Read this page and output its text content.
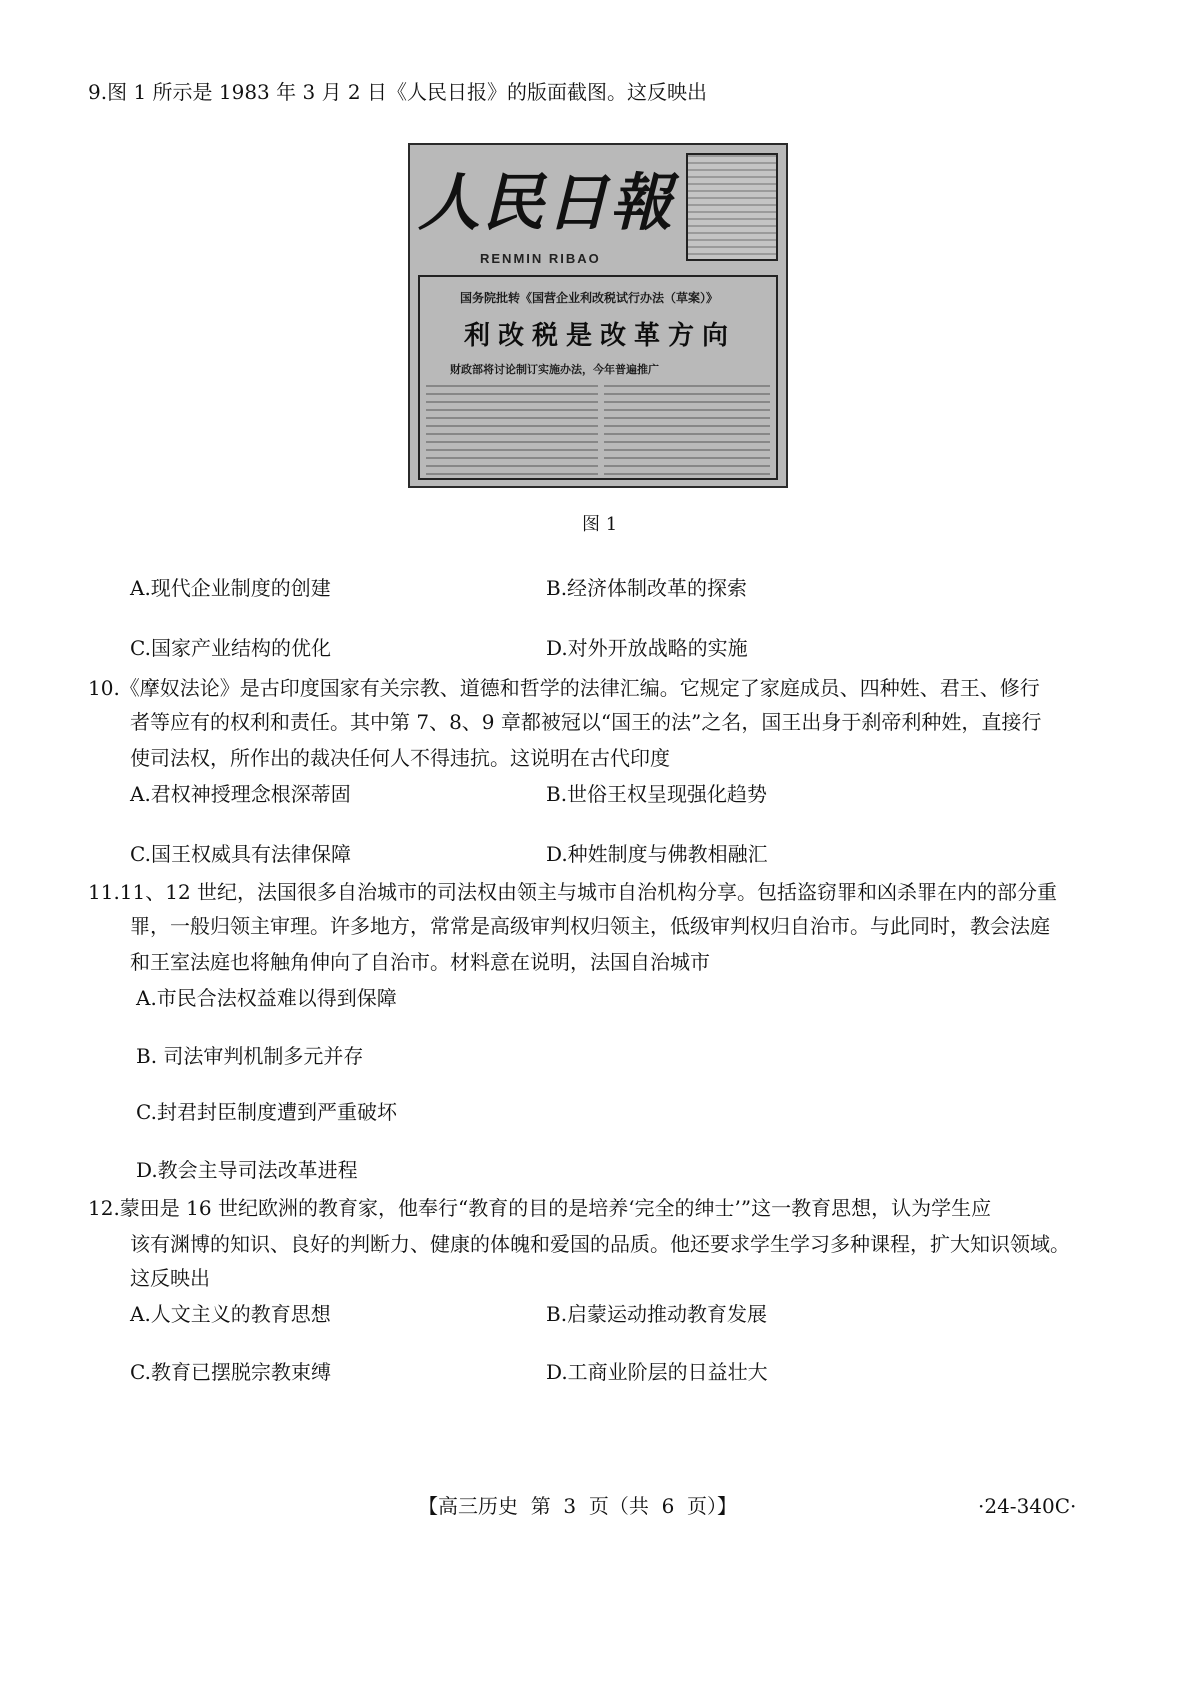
9.图 1 所示是 1983 年 3 月 2 日《人民日报》的版面截图。这反映出
人民日報
RENMIN RIBAO
国务院批转《国营企业利改税试行办法（草案）》
利改税是改革方向
财政部将讨论制订实施办法，今年普遍推广
图 1
A.现代企业制度的创建	B.经济体制改革的探索
C.国家产业结构的优化	D.对外开放战略的实施
10.《摩奴法论》是古印度国家有关宗教、道德和哲学的法律汇编。它规定了家庭成员、四种姓、君王、修行
者等应有的权利和责任。其中第 7、8、9 章都被冠以“国王的法”之名，国王出身于刹帝利种姓，直接行
使司法权，所作出的裁决任何人不得违抗。这说明在古代印度
A.君权神授理念根深蒂固	B.世俗王权呈现强化趋势
C.国王权威具有法律保障	D.种姓制度与佛教相融汇
11.11、12 世纪，法国很多自治城市的司法权由领主与城市自治机构分享。包括盗窃罪和凶杀罪在内的部分重
罪，一般归领主审理。许多地方，常常是高级审判权归领主，低级审判权归自治市。与此同时，教会法庭
和王室法庭也将触角伸向了自治市。材料意在说明，法国自治城市
A.市民合法权益难以得到保障
B. 司法审判机制多元并存
C.封君封臣制度遭到严重破坏
D.教会主导司法改革进程
12.蒙田是 16 世纪欧洲的教育家，他奉行“教育的目的是培养‘完全的绅士’”这一教育思想，认为学生应
该有渊博的知识、良好的判断力、健康的体魄和爱国的品质。他还要求学生学习多种课程，扩大知识领域。
这反映出
A.人文主义的教育思想	B.启蒙运动推动教育发展
C.教育已摆脱宗教束缚	D.工商业阶层的日益壮大
【高三历史  第  3  页（共  6  页）】	·24-340C·
